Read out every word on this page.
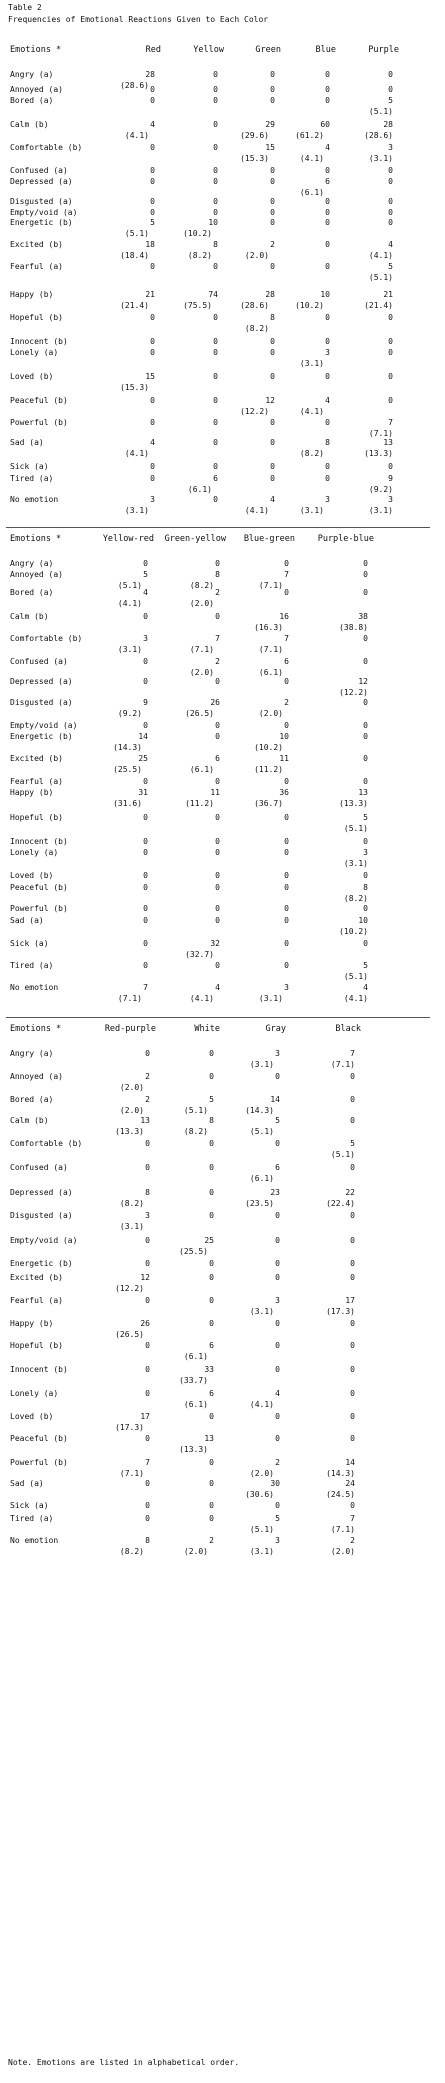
Table 2
Frequencies of Emotional Reactions Given to Each Color
Note. Emotions are listed in alphabetical order.
Emotions *	Red	Yellow	Green	Blue	Purple
Angry (a)	28	0	0	0	0
(28.6)
Annoyed (a)	0	0	0	0	0
Bored (a)	0	0	0	0	5
(5.1)
Calm (b)	4	0	29	60	28
(4.1)	(29.6)	(61.2)	(28.6)
Comfortable (b)	0	0	15	4	3
(15.3)	(4.1)	(3.1)
Confused (a)	0	0	0	0	0
Depressed (a)	0	0	0	6	0
(6.1)
Disgusted (a)	0	0	0	0	0
Empty/void (a)	0	0	0	0	0
Energetic (b)	5	10	0	0	0
(5.1)	(10.2)
Excited (b)	18	8	2	0	4
(18.4)	(8.2)	(2.0)	(4.1)
Fearful (a)	0	0	0	0	5
(5.1)
Happy (b)	21	74	28	10	21
(21.4)	(75.5)	(28.6)	(10.2)	(21.4)
Hopeful (b)	0	0	8	0	0
(8.2)
Innocent (b)	0	0	0	0	0
Lonely (a)	0	0	0	3	0
(3.1)
Loved (b)	15	0	0	0	0
(15.3)
Peaceful (b)	0	0	12	4	0
(12.2)	(4.1)
Powerful (b)	0	0	0	0	7
(7.1)
Sad (a)	4	0	0	8	13
(4.1)	(8.2)	(13.3)
Sick (a)	0	0	0	0	0
Tired (a)	0	6	0	0	9
(6.1)	(9.2)
No emotion	3	0	4	3	3
(3.1)	(4.1)	(3.1)	(3.1)
Emotions *	Yellow-red	Green-yellow	Blue-green	Purple-blue
Angry (a)	0	0	0	0
Annoyed (a)	5	8	7	0
(5.1)	(8.2)	(7.1)
Bored (a)	4	2	0	0
(4.1)	(2.0)
Calm (b)	0	0	16	38
(16.3)	(38.8)
Comfortable (b)	3	7	7	0
(3.1)	(7.1)	(7.1)
Confused (a)	0	2	6	0
(2.0)	(6.1)
Depressed (a)	0	0	0	12
(12.2)
Disgusted (a)	9	26	2	0
(9.2)	(26.5)	(2.0)
Empty/void (a)	0	0	0	0
Energetic (b)	14	0	10	0
(14.3)	(10.2)
Excited (b)	25	6	11	0
(25.5)	(6.1)	(11.2)
Fearful (a)	0	0	0	0
Happy (b)	31	11	36	13
(31.6)	(11.2)	(36.7)	(13.3)
Hopeful (b)	0	0	0	5
(5.1)
Innocent (b)	0	0	0	0
Lonely (a)	0	0	0	3
(3.1)
Loved (b)	0	0	0	0
Peaceful (b)	0	0	0	8
(8.2)
Powerful (b)	0	0	0	0
Sad (a)	0	0	0	10
(10.2)
Sick (a)	0	32	0	0
(32.7)
Tired (a)	0	0	0	5
(5.1)
No emotion	7	4	3	4
(7.1)	(4.1)	(3.1)	(4.1)
Emotions *	Red-purple	White	Gray	Black
Angry (a)	0	0	3	7
(3.1)	(7.1)
Annoyed (a)	2	0	0	0
(2.0)
Bored (a)	2	5	14	0
(2.0)	(5.1)	(14.3)
Calm (b)	13	8	5	0
(13.3)	(8.2)	(5.1)
Comfortable (b)	0	0	0	5
(5.1)
Confused (a)	0	0	6	0
(6.1)
Depressed (a)	8	0	23	22
(8.2)	(23.5)	(22.4)
Disgusted (a)	3	0	0	0
(3.1)
Empty/void (a)	0	25	0	0
(25.5)
Energetic (b)	0	0	0	0
Excited (b)	12	0	0	0
(12.2)
Fearful (a)	0	0	3	17
(3.1)	(17.3)
Happy (b)	26	0	0	0
(26.5)
Hopeful (b)	0	6	0	0
(6.1)
Innocent (b)	0	33	0	0
(33.7)
Lonely (a)	0	6	4	0
(6.1)	(4.1)
Loved (b)	17	0	0	0
(17.3)
Peaceful (b)	0	13	0	0
(13.3)
Powerful (b)	7	0	2	14
(7.1)	(2.0)	(14.3)
Sad (a)	0	0	30	24
(30.6)	(24.5)
Sick (a)	0	0	0	0
Tired (a)	0	0	5	7
(5.1)	(7.1)
No emotion	8	2	3	2
(8.2)	(2.0)	(3.1)	(2.0)
